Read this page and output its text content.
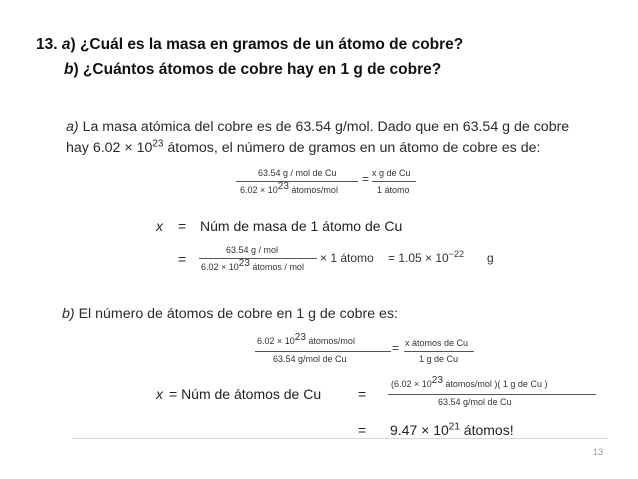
13. a) ¿Cuál es la masa en gramos de un átomo de cobre?
b) ¿Cuántos átomos de cobre hay en 1 g de cobre?
a) La masa atómica del cobre es de 63.54 g/mol. Dado que en 63.54 g de cobre
hay $6.02 \times 10^{23}$ átomos, el número de gramos en un átomo de cobre es de:
63.54 g / mol de Cu
$6.02 \times 10^{23}$ átomos/mol
= x g de Cu
1 átomo
x = Núm de masa de 1 átomo de Cu
=
63.54 g / mol
$6.02 \times 10^{23}$ átomos / mol
× 1 átomo = $1.05 \times 10^{-22}$ g
b) El número de átomos de cobre en 1 g de cobre es:
$6.02 \times 10^{23}$ átomos/mol
63.54 g/mol de Cu
= x átomos de Cu
1 g de Cu
x = Núm de átomos de Cu	=
($6.02 \times 10^{23}$ átomos/mol )( 1 g de Cu )
63.54 g/mol de Cu
= $9.47 \times 10^{21}$ átomos!
13
